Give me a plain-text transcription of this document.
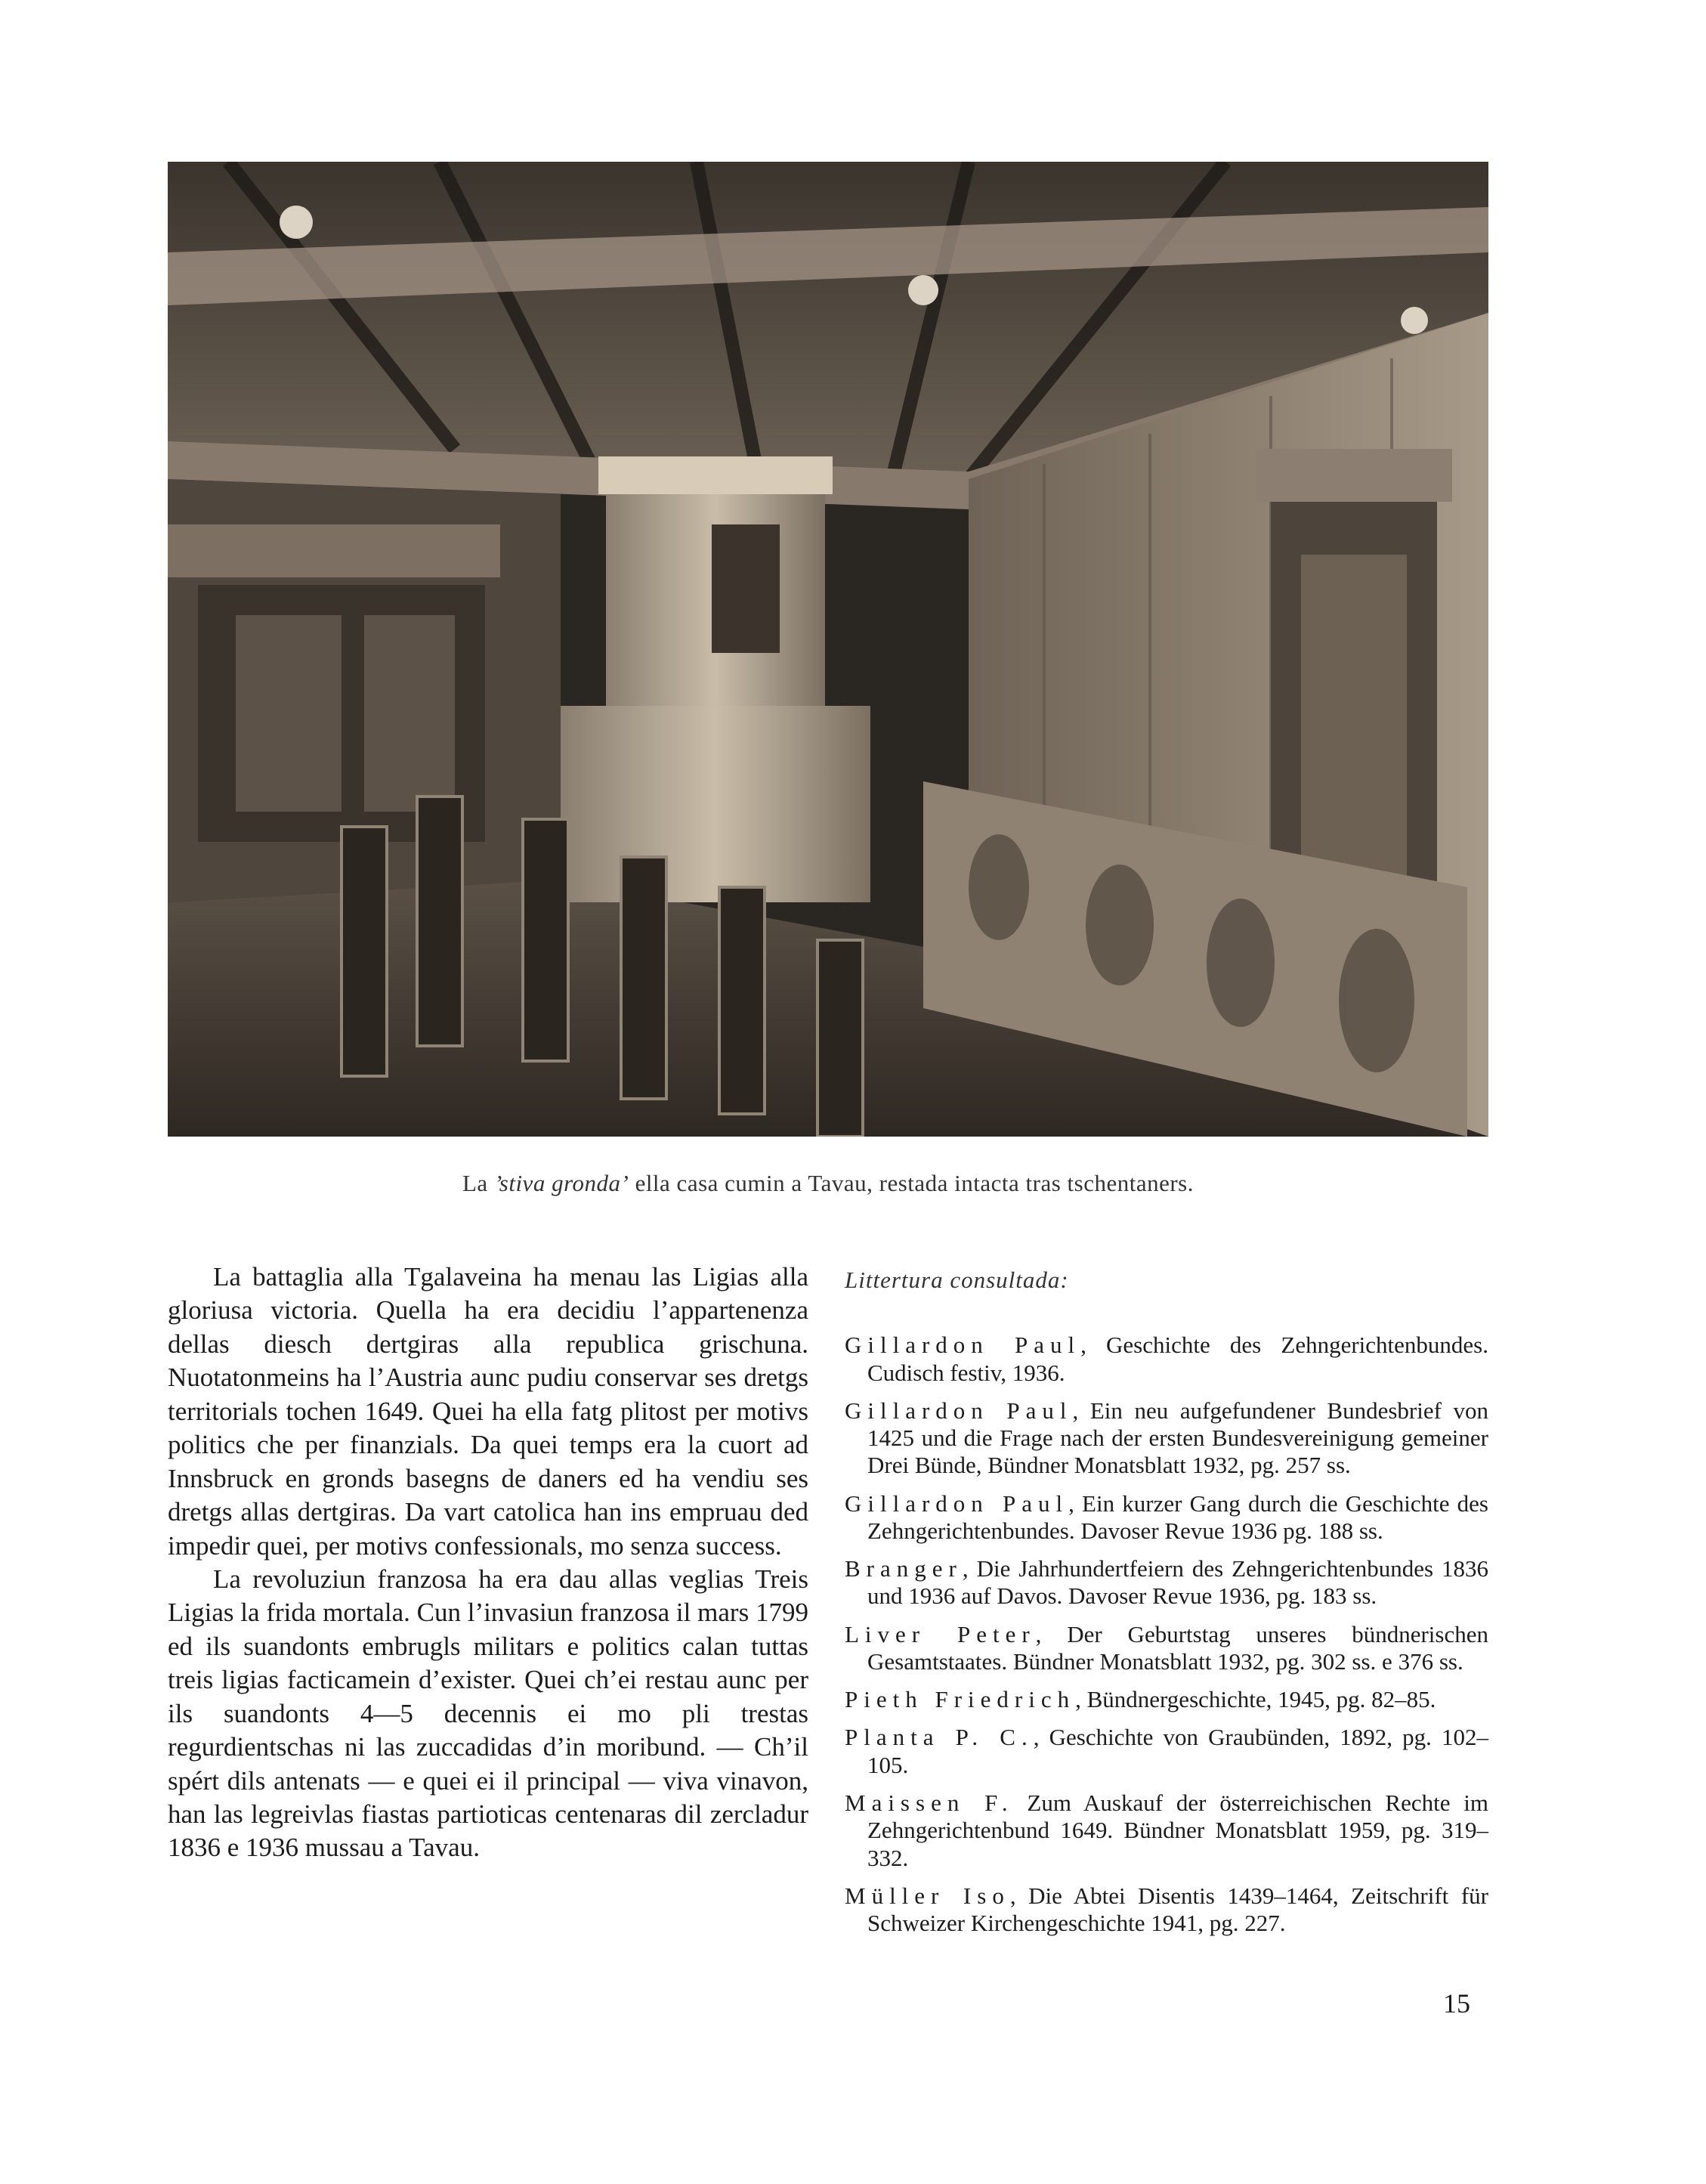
La ’stiva gronda’ ella casa cumin a Tavau, restada intacta tras tschentaners.

La battaglia alla Tgalaveina ha menau las Ligias alla gloriusa victoria. Quella ha era decidiu l’appartenenza dellas diesch dertgiras alla republica grischuna. Nuotatonmeins ha l’Austria aunc pudiu conservar ses dretgs territorials tochen 1649. Quei ha ella fatg plitost per motivs politics che per finanzials. Da quei temps era la cuort ad Innsbruck en gronds basegns de daners ed ha vendiu ses dretgs allas dertgiras. Da vart catolica han ins empruau ded impedir quei, per motivs confessionals, mo senza success.

La revoluziun franzosa ha era dau allas veglias Treis Ligias la frida mortala. Cun l’invasiun franzosa il mars 1799 ed ils suandonts embrugls militars e politics calan tuttas treis ligias facticamein d’exister. Quei ch’ei restau aunc per ils suandonts 4—5 decennis ei mo pli trestas regurdientschas ni las zuccadidas d’in moribund. — Ch’il spért dils antenats — e quei ei il principal — viva vinavon, han las legreivlas fiastas partioticas centenaras dil zercladur 1836 e 1936 mussau a Tavau.

Littertura consultada:

Gillardon Paul, Geschichte des Zehngerichtenbundes. Cudisch festiv, 1936.

Gillardon Paul, Ein neu aufgefundener Bundesbrief von 1425 und die Frage nach der ersten Bundesvereinigung gemeiner Drei Bünde, Bündner Monatsblatt 1932, pg. 257 ss.

Gillardon Paul, Ein kurzer Gang durch die Geschichte des Zehngerichtenbundes. Davoser Revue 1936 pg. 188 ss.

Branger, Die Jahrhundertfeiern des Zehngerichtenbundes 1836 und 1936 auf Davos. Davoser Revue 1936, pg. 183 ss.

Liver Peter, Der Geburtstag unseres bündnerischen Gesamtstaates. Bündner Monatsblatt 1932, pg. 302 ss. e 376 ss.

Pieth Friedrich, Bündnergeschichte, 1945, pg. 82–85.

Planta P. C., Geschichte von Graubünden, 1892, pg. 102–105.

Maissen F. Zum Auskauf der österreichischen Rechte im Zehngerichtenbund 1649. Bündner Monatsblatt 1959, pg. 319–332.

Müller Iso, Die Abtei Disentis 1439–1464, Zeitschrift für Schweizer Kirchengeschichte 1941, pg. 227.

15
